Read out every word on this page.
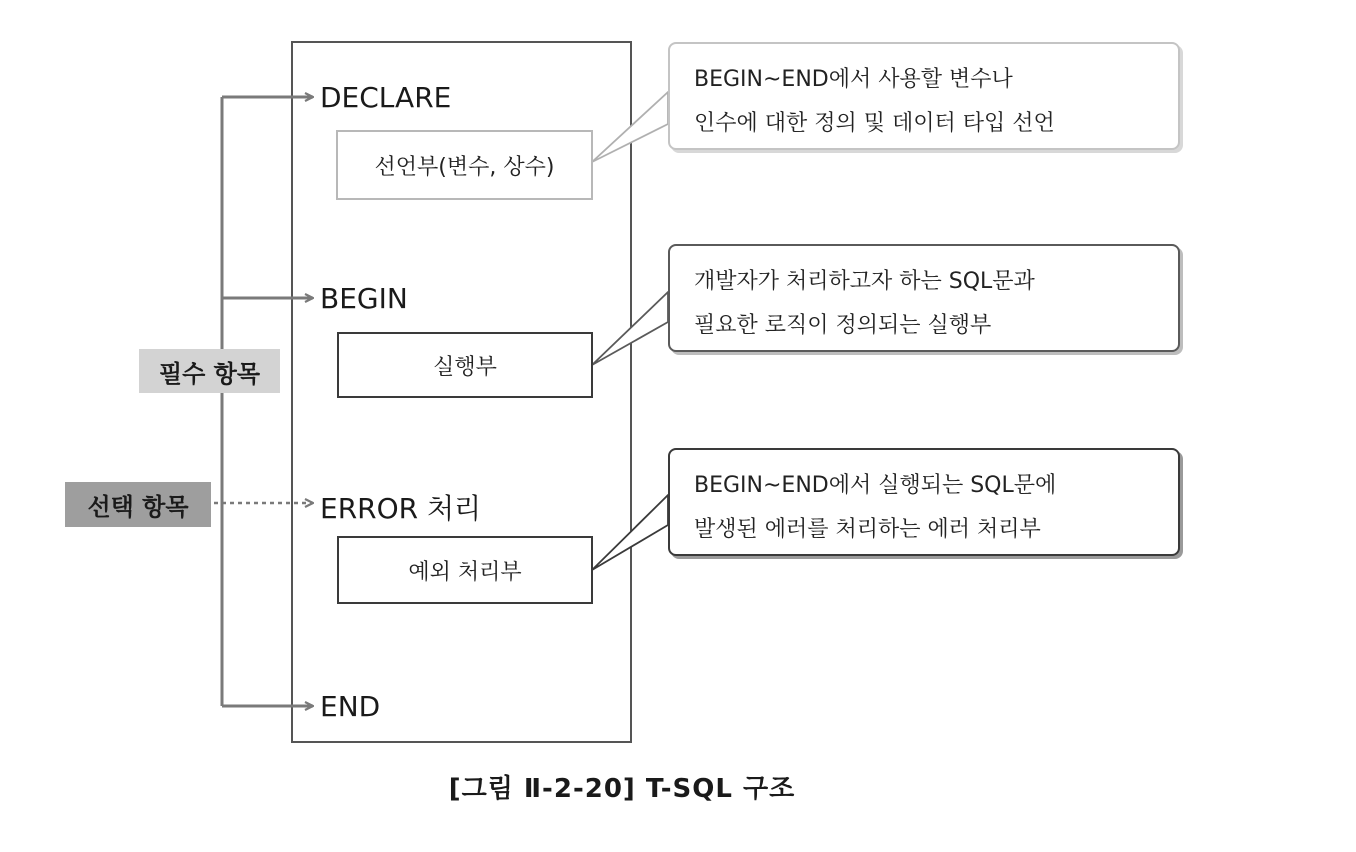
DECLARE
BEGIN
ERROR 처리
END
선언부(변수, 상수)
실행부
예외 처리부
BEGIN~END에서 사용할 변수나
인수에 대한 정의 및 데이터 타입 선언
개발자가 처리하고자 하는 SQL문과
필요한 로직이 정의되는 실행부
BEGIN~END에서 실행되는 SQL문에
발생된 에러를 처리하는 에러 처리부
필수 항목
선택 항목
[그림 Ⅱ-2-20] T-SQL 구조
